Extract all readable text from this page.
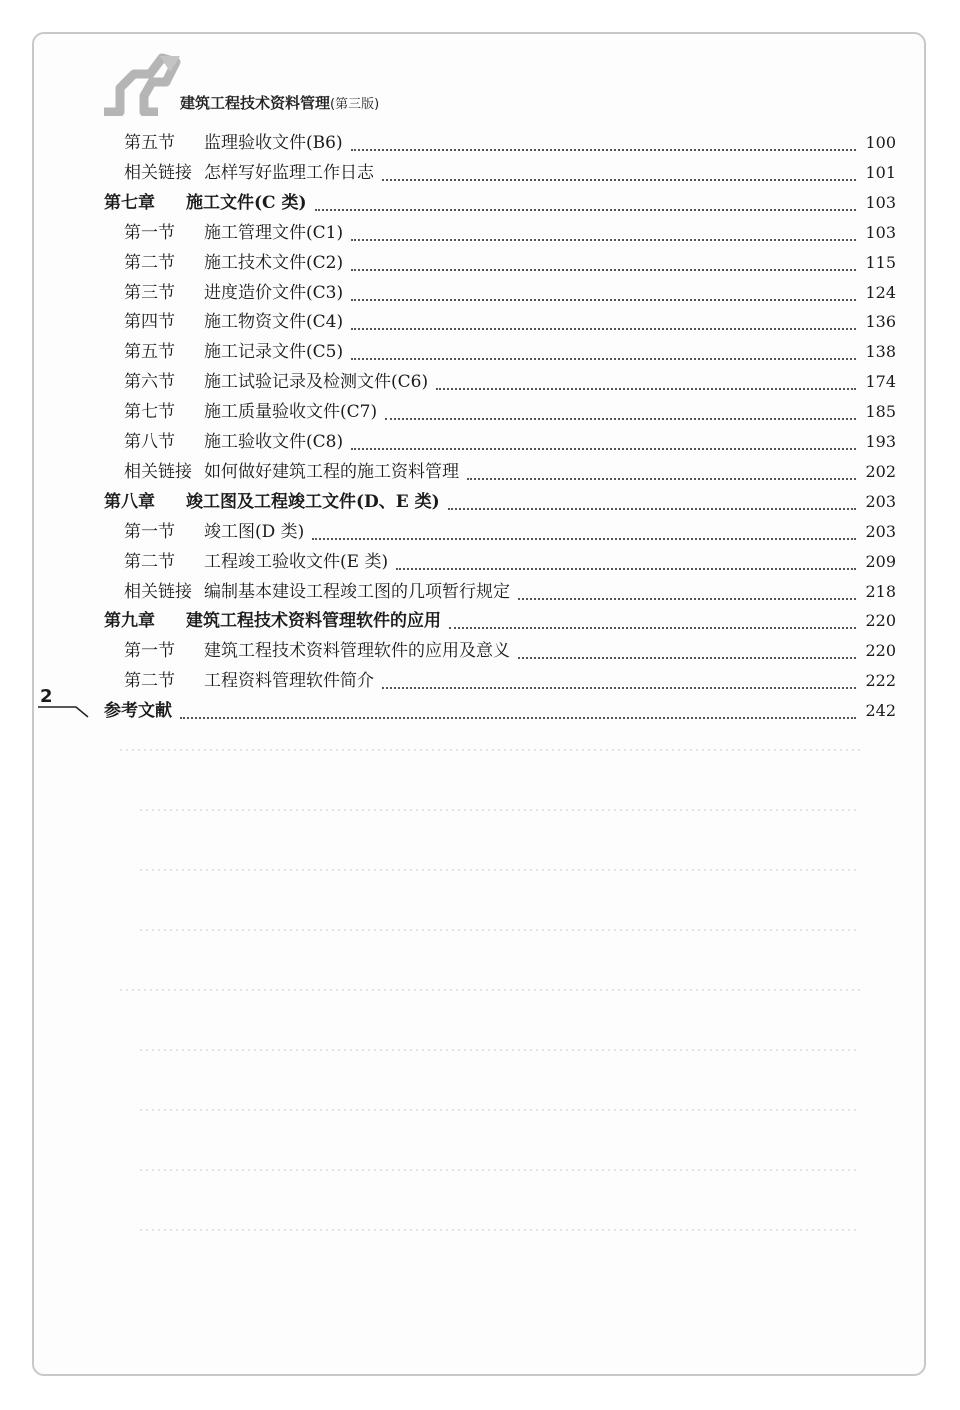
建筑工程技术资料管理(第三版)
第五节	监理验收文件(B6)	100
相关链接 怎样写好监理工作日志	101
第七章	施工文件(C 类)	103
第一节	施工管理文件(C1)	103
第二节	施工技术文件(C2)	115
第三节	进度造价文件(C3)	124
第四节	施工物资文件(C4)	136
第五节	施工记录文件(C5)	138
第六节	施工试验记录及检测文件(C6)	174
第七节	施工质量验收文件(C7)	185
第八节	施工验收文件(C8)	193
相关链接 如何做好建筑工程的施工资料管理	202
第八章	竣工图及工程竣工文件(D、E 类)	203
第一节	竣工图(D 类)	203
第二节	工程竣工验收文件(E 类)	209
相关链接 编制基本建设工程竣工图的几项暂行规定	218
第九章	建筑工程技术资料管理软件的应用	220
第一节	建筑工程技术资料管理软件的应用及意义	220
第二节	工程资料管理软件简介	222
参考文献	242
2
